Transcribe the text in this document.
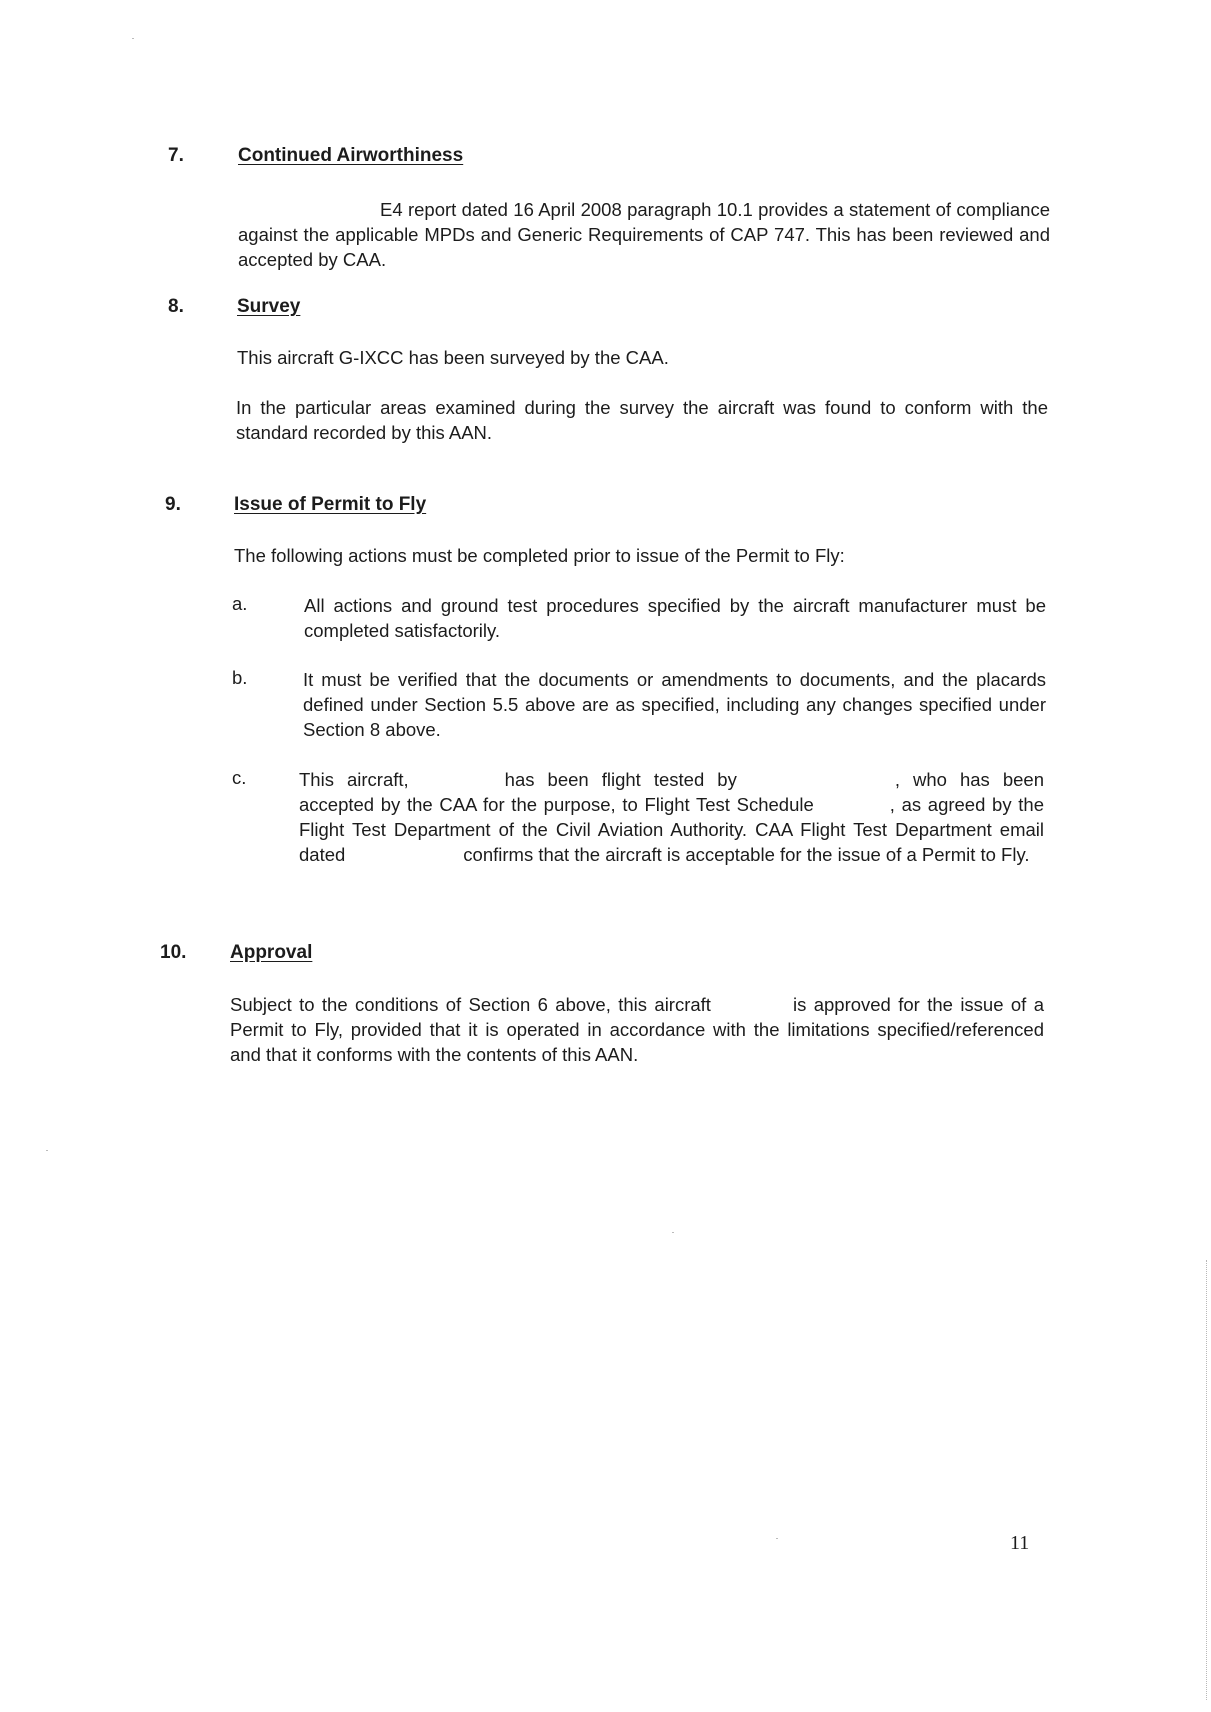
7.	Continued Airworthiness
E4 report dated 16 April 2008 paragraph 10.1 provides a statement of compliance against the applicable MPDs and Generic Requirements of CAP 747. This has been reviewed and accepted by CAA.
8.	Survey
This aircraft G-IXCC has been surveyed by the CAA.
In the particular areas examined during the survey the aircraft was found to conform with the standard recorded by this AAN.
9.	Issue of Permit to Fly
The following actions must be completed prior to issue of the Permit to Fly:
a.	All actions and ground test procedures specified by the aircraft manufacturer must be completed satisfactorily.
b.	It must be verified that the documents or amendments to documents, and the placards defined under Section 5.5 above are as specified, including any changes specified under Section 8 above.
c.	This aircraft,	has been flight tested by	, who has been accepted by the CAA for the purpose, to Flight Test Schedule	, as agreed by the Flight Test Department of the Civil Aviation Authority. CAA Flight Test Department email dated	confirms that the aircraft is acceptable for the issue of a Permit to Fly.
10. Approval
Subject to the conditions of Section 6 above, this aircraft	is approved for the issue of a Permit to Fly, provided that it is operated in accordance with the limitations specified/referenced and that it conforms with the contents of this AAN.
11
